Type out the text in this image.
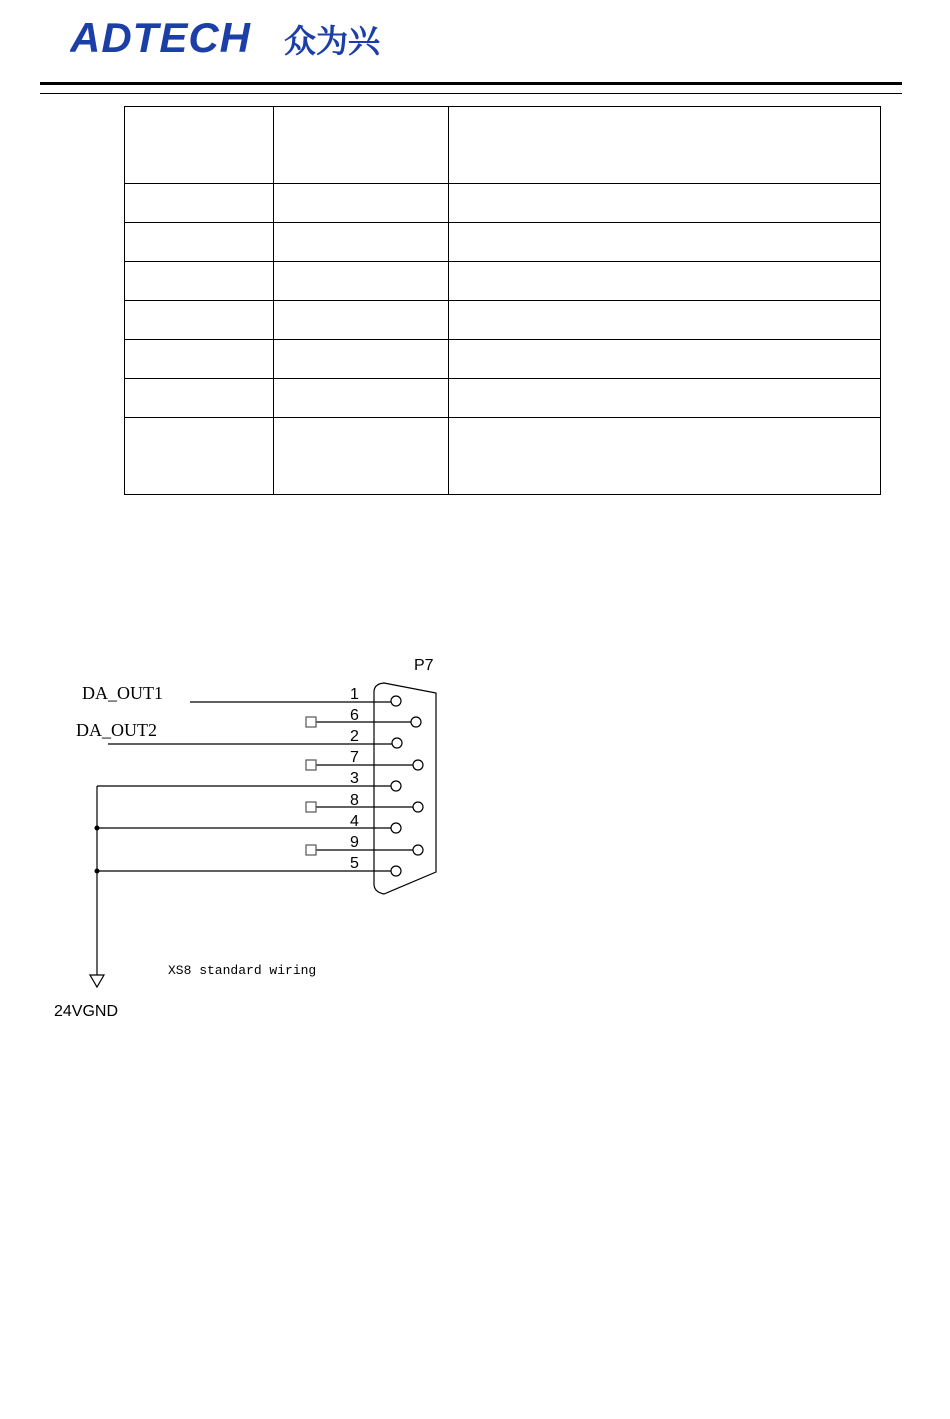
ADTECH 众为兴

P7
DA_OUT1
DA_OUT2
24VGND
XS8 standard wiring
1
6
2
7
3
8
4
9
5
